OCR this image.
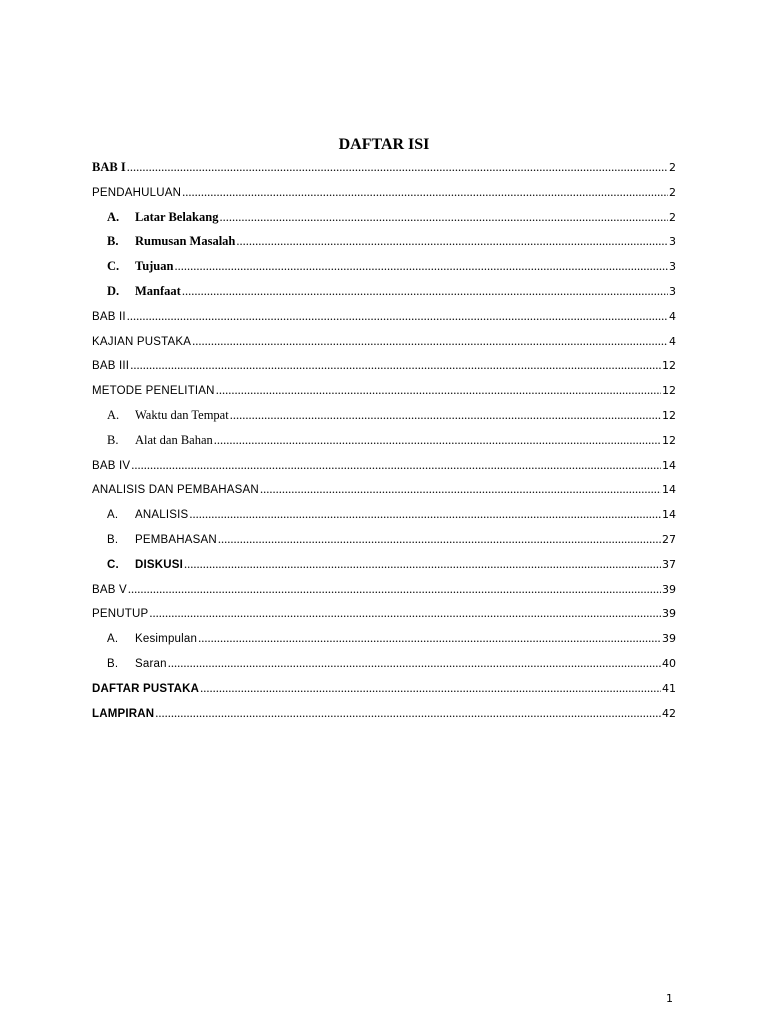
DAFTAR ISI
BAB I .....	2
PENDAHULUAN .....	2
A.	Latar Belakang .....	2
B.	Rumusan Masalah .....	3
C.	Tujuan .....	3
D.	Manfaat .....	3
BAB II .....	4
KAJIAN PUSTAKA .....	4
BAB III .....	12
METODE PENELITIAN .....	12
A.	Waktu dan Tempat .....	12
B.	Alat dan Bahan .....	12
BAB IV .....	14
ANALISIS DAN PEMBAHASAN .....	14
A.	ANALISIS .....	14
B.	PEMBAHASAN .....	27
C.	DISKUSI .....	37
BAB V .....	39
PENUTUP .....	39
A.	Kesimpulan .....	39
B.	Saran .....	40
DAFTAR PUSTAKA .....	41
LAMPIRAN .....	42
1
